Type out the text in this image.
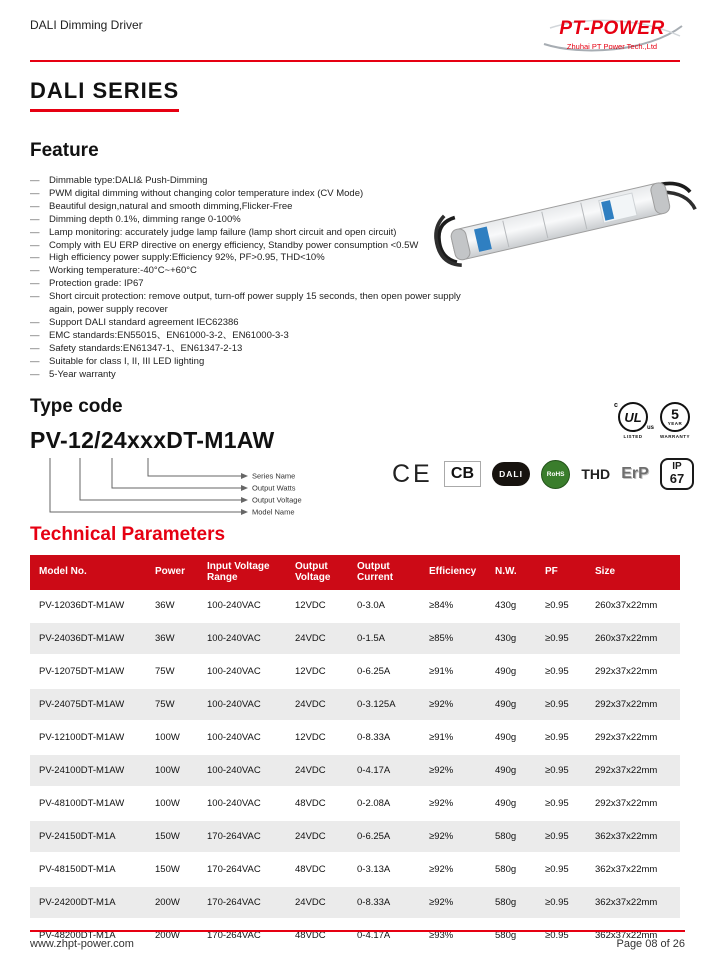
DALI Dimming Driver	PT-POWER
Zhuhai PT Power Tech.,Ltd
DALI SERIES
Feature
— Dimmable type:DALI& Push-Dimming
— PWM digital dimming without changing color temperature index (CV Mode)
— Beautiful design,natural and smooth dimming,Flicker-Free
— Dimming depth 0.1%, dimming range 0-100%
— Lamp monitoring: accurately judge lamp failure (lamp short circuit and open circuit)
— Comply with EU ERP directive on energy efficiency, Standby power consumption <0.5W
— High efficiency power supply:Efficiency 92%, PF>0.95, THD<10%
— Working temperature:-40°C~+60°C
— Protection grade: IP67
— Short circuit protection: remove output, turn-off power supply 15 seconds, then open power supply again, power supply recover
— Support DALI standard agreement IEC62386
— EMC standards:EN55015、EN61000-3-2、EN61000-3-3
— Safety standards:EN61347-1、EN61347-2-13
— Suitable for class I, II, III LED lighting
— 5-Year warranty
Type code
PV-12/24xxxDT-M1AW
Series Name
Output Watts
Output Voltage
Model Name
c
UL
us
LISTED
5
YEAR
WARRANTY
CE	CB	DALI	RoHS	THD ErP	IP
67
Technical Parameters
Model No.	Power	Input Voltage Range	Output Voltage	Output Current	Efficiency	N.W.	PF	Size
PV-12036DT-M1AW	36W	100-240VAC	12VDC	0-3.0A	≥84%	430g	≥0.95	260x37x22mm
PV-24036DT-M1AW	36W	100-240VAC	24VDC	0-1.5A	≥85%	430g	≥0.95	260x37x22mm
PV-12075DT-M1AW	75W	100-240VAC	12VDC	0-6.25A	≥91%	490g	≥0.95	292x37x22mm
PV-24075DT-M1AW	75W	100-240VAC	24VDC	0-3.125A	≥92%	490g	≥0.95	292x37x22mm
PV-12100DT-M1AW	100W	100-240VAC	12VDC	0-8.33A	≥91%	490g	≥0.95	292x37x22mm
PV-24100DT-M1AW	100W	100-240VAC	24VDC	0-4.17A	≥92%	490g	≥0.95	292x37x22mm
PV-48100DT-M1AW	100W	100-240VAC	48VDC	0-2.08A	≥92%	490g	≥0.95	292x37x22mm
PV-24150DT-M1A	150W	170-264VAC	24VDC	0-6.25A	≥92%	580g	≥0.95	362x37x22mm
PV-48150DT-M1A	150W	170-264VAC	48VDC	0-3.13A	≥92%	580g	≥0.95	362x37x22mm
PV-24200DT-M1A	200W	170-264VAC	24VDC	0-8.33A	≥92%	580g	≥0.95	362x37x22mm
PV-48200DT-M1A	200W	170-264VAC	48VDC	0-4.17A	≥93%	580g	≥0.95	362x37x22mm
www.zhpt-power.com	Page 08 of 26
